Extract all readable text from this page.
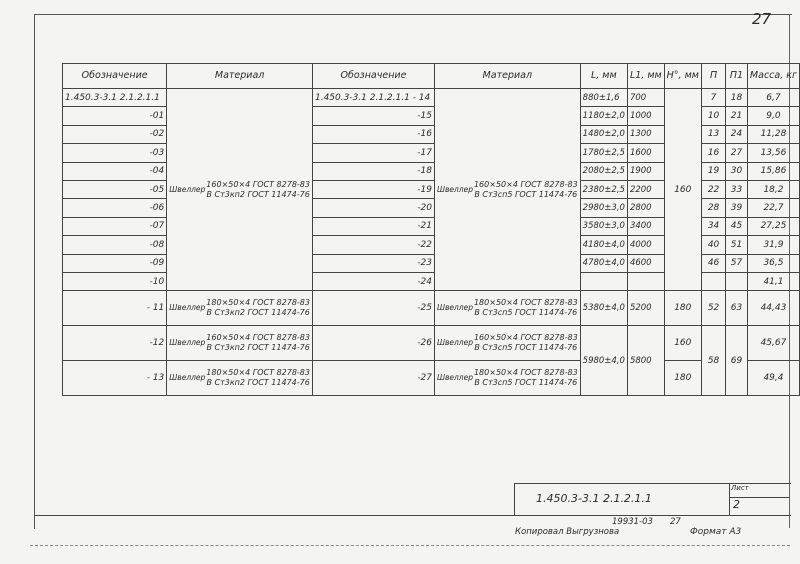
27
Обозначение	Материал	Обозначение	Материал	L, мм	L1, мм	H°, мм	П	П1	Масса, кг
1.450.3-3.1 2.1.2.1.1	Швеллер
160×50×4 ГОСТ 8278-83
В Ст3кп2 ГОСТ 11474-76	1.450.3-3.1 2.1.2.1.1 - 14	Швеллер
160×50×4 ГОСТ 8278-83
В Ст3сп5 ГОСТ 11474-76	880±1,6	700	160	7	18	6,7
-01		-15		1180±2,0	1000		10	21	9,0
-02		-16		1480±2,0	1300		13	24	11,28
-03		-17		1780±2,5	1600		16	27	13,56
-04		-18		2080±2,5	1900		19	30	15,86
-05		-19		2380±2,5	2200		22	33	18,2
-06		-20		2980±3,0	2800		28	39	22,7
-07		-21		3580±3,0	3400		34	45	27,25
-08		-22		4180±4,0	4000		40	51	31,9
-09		-23		4780±4,0	4600		46	57	36,5
-10		-24							41,1
- 11	Швеллер
180×50×4 ГОСТ 8278-83
В Ст3кп2 ГОСТ 11474-76	-25	Швеллер
180×50×4 ГОСТ 8278-83
В Ст3сп5 ГОСТ 11474-76	5380±4,0	5200	180	52	63	44,43
-12	Швеллер
160×50×4 ГОСТ 8278-83
В Ст3кп2 ГОСТ 11474-76	-26	Швеллер
160×50×4 ГОСТ 8278-83
В Ст3сп5 ГОСТ 11474-76	5980±4,0	5800	160	58	69	45,67
- 13	Швеллер
180×50×4 ГОСТ 8278-83
В Ст3кп2 ГОСТ 11474-76	-27	Швеллер
180×50×4 ГОСТ 8278-83
В Ст3сп5 ГОСТ 11474-76			180			49,4
1.450.3-3.1 2.1.2.1.1
Лист
2
19931-03 27
Копировал Выгрузнова	Формат А3
